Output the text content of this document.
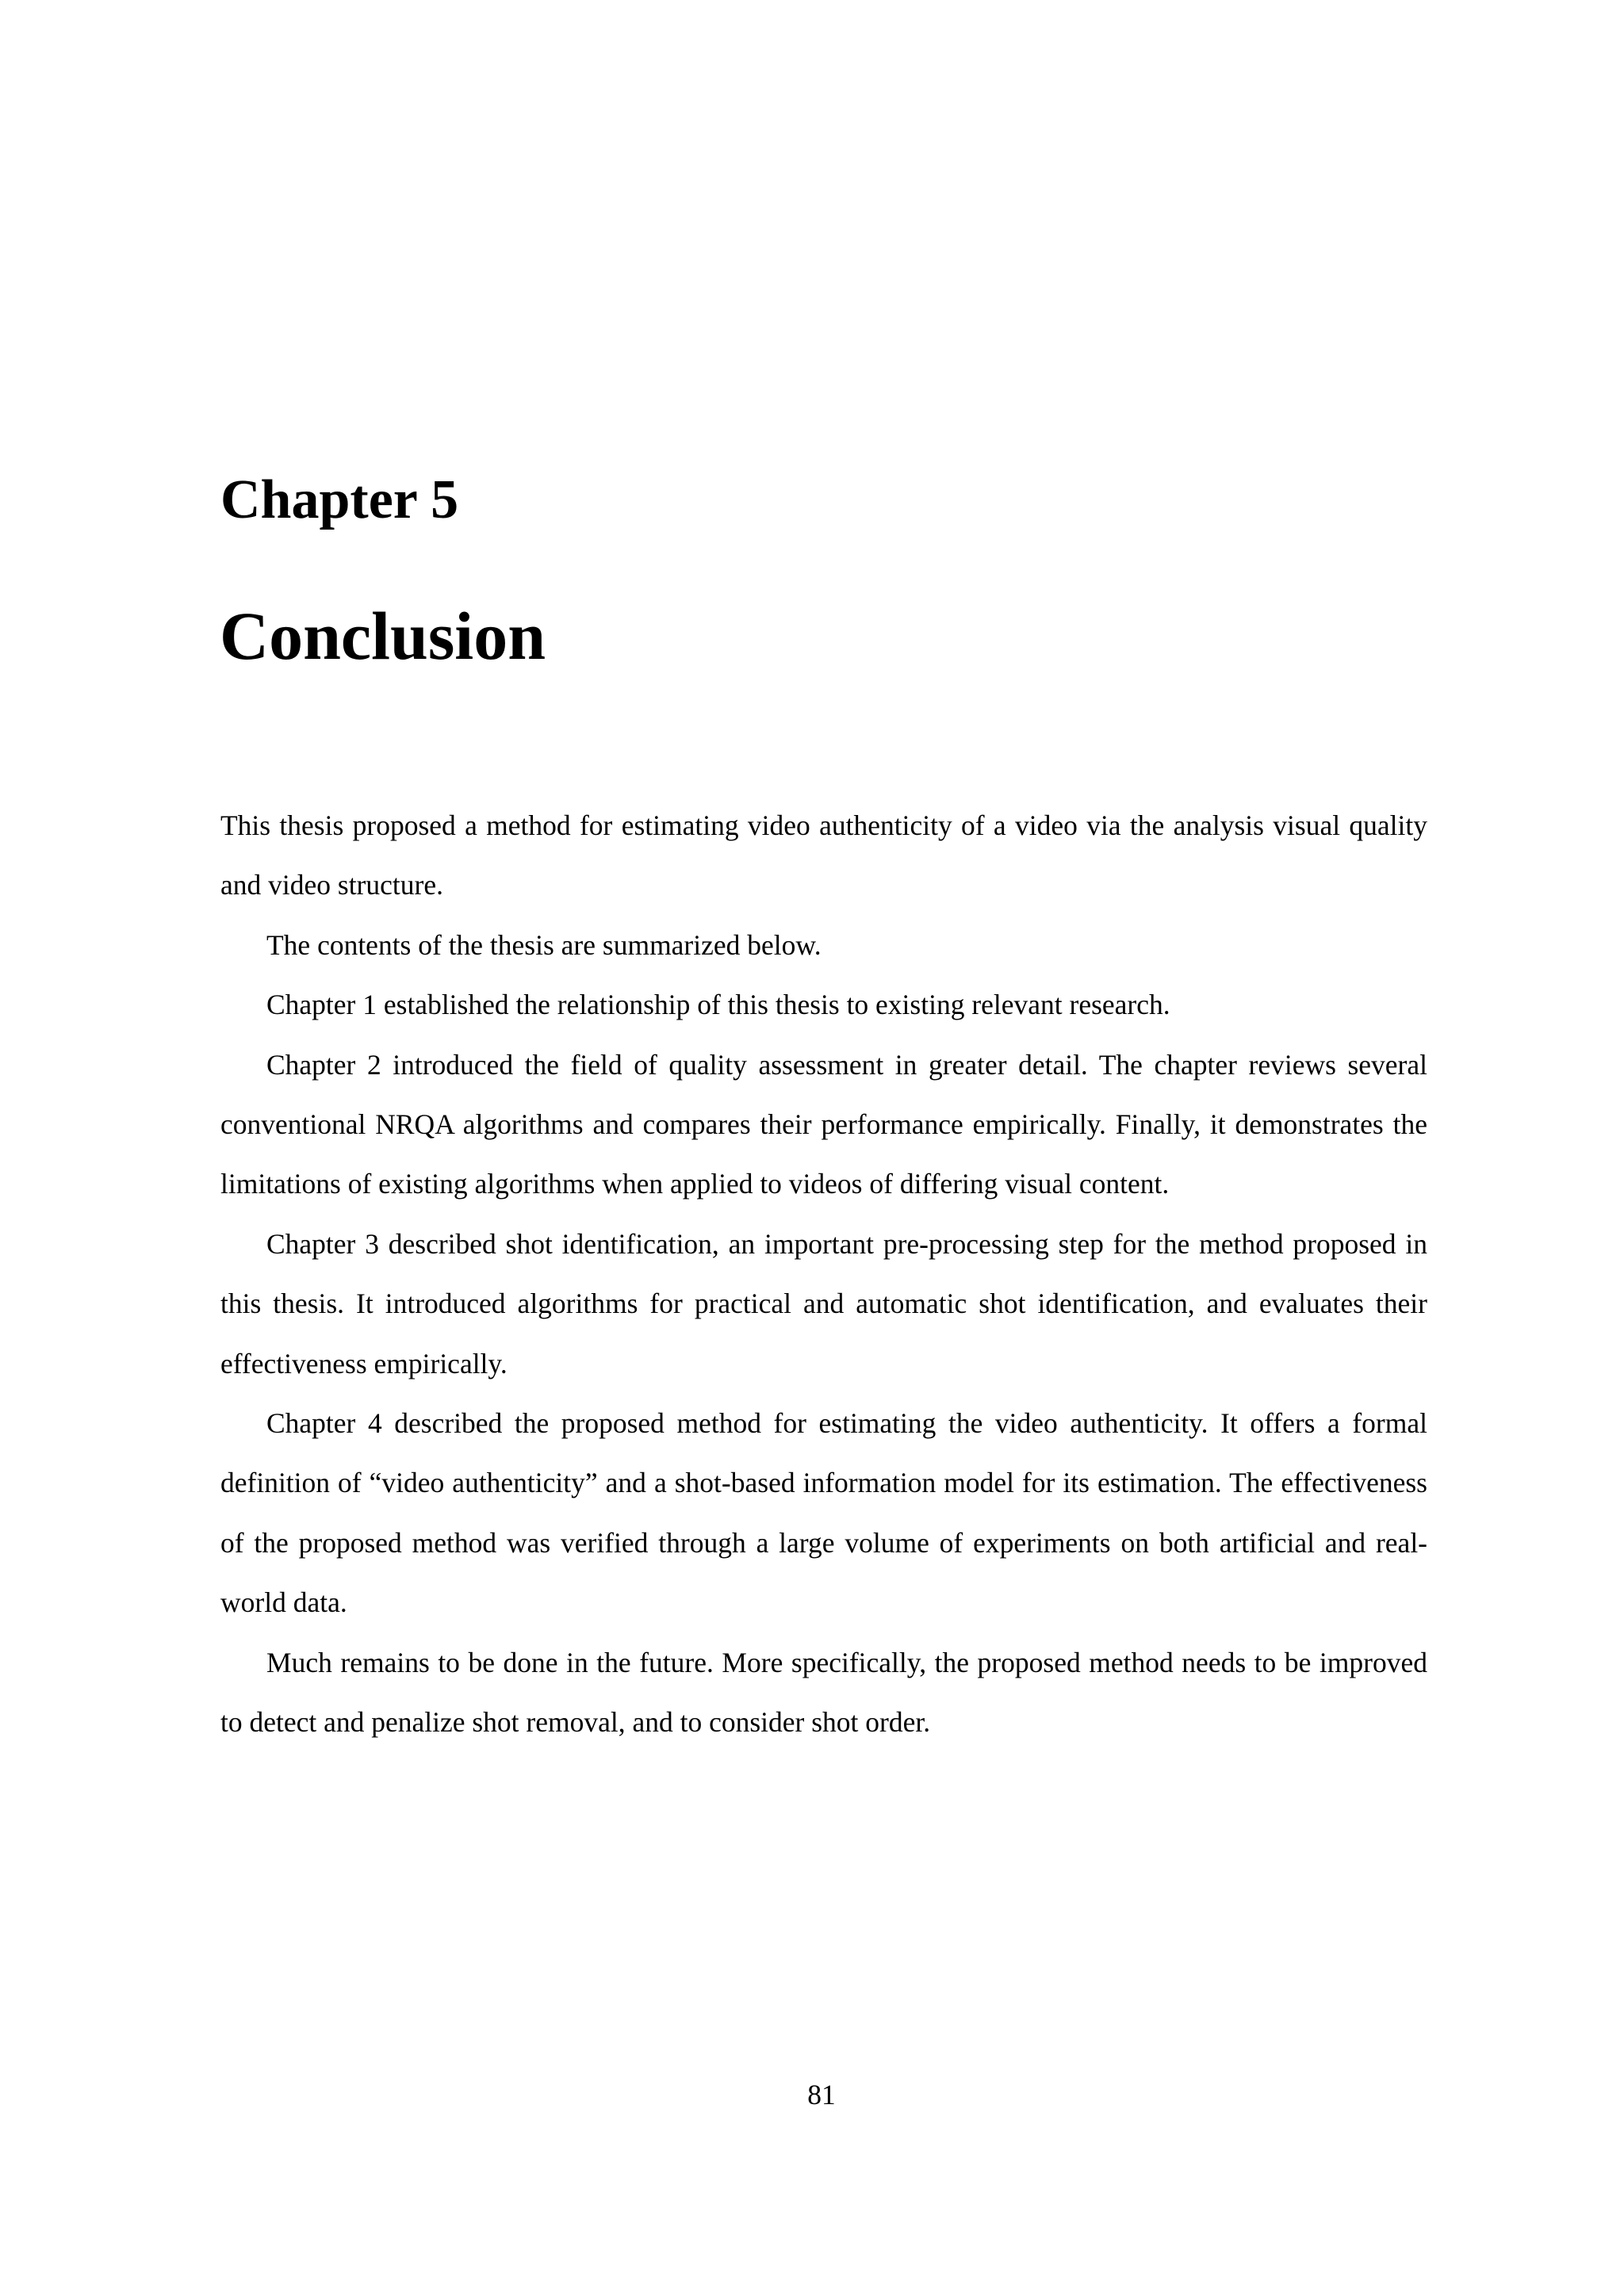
Chapter 5
Conclusion

This thesis proposed a method for estimating video authenticity of a video via the analysis visual quality and video structure.

The contents of the thesis are summarized below.

Chapter 1 established the relationship of this thesis to existing relevant research.

Chapter 2 introduced the field of quality assessment in greater detail. The chapter reviews several conventional NRQA algorithms and compares their performance empirically. Finally, it demonstrates the limitations of existing algorithms when applied to videos of differing visual content.

Chapter 3 described shot identification, an important pre-processing step for the method proposed in this thesis. It introduced algorithms for practical and automatic shot identification, and evaluates their effectiveness empirically.

Chapter 4 described the proposed method for estimating the video authenticity. It offers a formal definition of “video authenticity” and a shot-based information model for its estimation. The effectiveness of the proposed method was verified through a large volume of experiments on both artificial and real-world data.

Much remains to be done in the future. More specifically, the proposed method needs to be improved to detect and penalize shot removal, and to consider shot order.

81
